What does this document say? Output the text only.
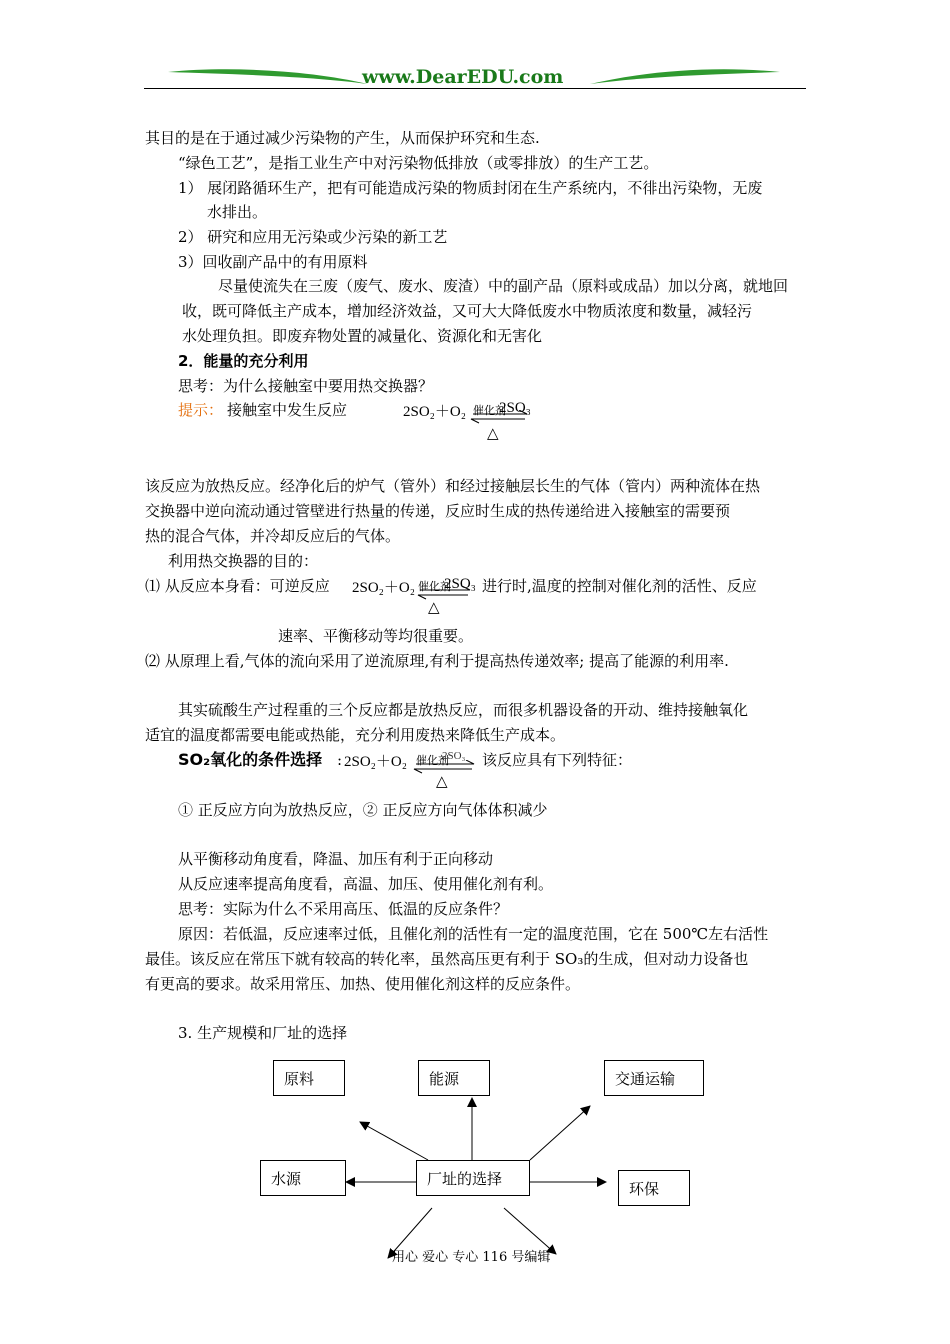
www.DearEDU.com
其目的是在于通过减少污染物的产生，从而保护环究和生态.
“绿色工艺”，是指工业生产中对污染物低排放（或零排放）的生产工艺。
1） 展闭路循环生产，把有可能造成污染的物质封闭在生产系统内，不徘出污染物，无废
水排出。
2） 研究和应用无污染或少污染的新工艺
3）回收副产品中的有用原料
尽量使流失在三废（废气、废水、废渣）中的副产品（原料或成品）加以分离，就地回
收，既可降低主产成本，增加经济效益，又可大大降低废水中物质浓度和数量，减轻污
水处理负担。即废弃物处置的减量化、资源化和无害化
2．能量的充分利用
思考：为什么接触室中要用热交换器？
提示： 接触室中发生反应	2SO₂＋O₂ 催化剂
2SO₃
△
该反应为放热反应。经净化后的炉气（管外）和经过接触层长生的气体（管内）两种流体在热
交换器中逆向流动通过管壁进行热量的传递，反应时生成的热传递给进入接触室的需要预
热的混合气体，并冷却反应后的气体。
利用热交换器的目的：
⑴ 从反应本身看：可逆反应 2SO₂＋O₂ 催化剂
2SO₃
△
进行时,温度的控制对催化剂的活性、反应
速率、平衡移动等均很重要。
⑵ 从原理上看,气体的流向采用了逆流原理,有利于提高热传递效率; 提高了能源的利用率.
其实硫酸生产过程重的三个反应都是放热反应，而很多机器设备的开动、维持接触氧化
适宜的温度都需要电能或热能，充分利用废热来降低生产成本。
SO₂氧化的条件选择 : 2SO₂＋O₂ 催化剂
2SO₃
△
该反应具有下列特征：
① 正反应方向为放热反应，② 正反应方向气体体积减少
从平衡移动角度看，降温、加压有利于正向移动
从反应速率提高角度看，高温、加压、使用催化剂有利。
思考：实际为什么不采用高压、低温的反应条件？
原因：若低温，反应速率过低，且催化剂的活性有一定的温度范围，它在 500℃左右活性
最佳。该反应在常压下就有较高的转化率，虽然高压更有利于 SO₃的生成，但对动力设备也
有更高的要求。故采用常压、加热、使用催化剂这样的反应条件。
3. 生产规模和厂址的选择
原料	能源	交通运输
水源	厂址的选择
环保
用心 爱心 专心 116 号编辑
